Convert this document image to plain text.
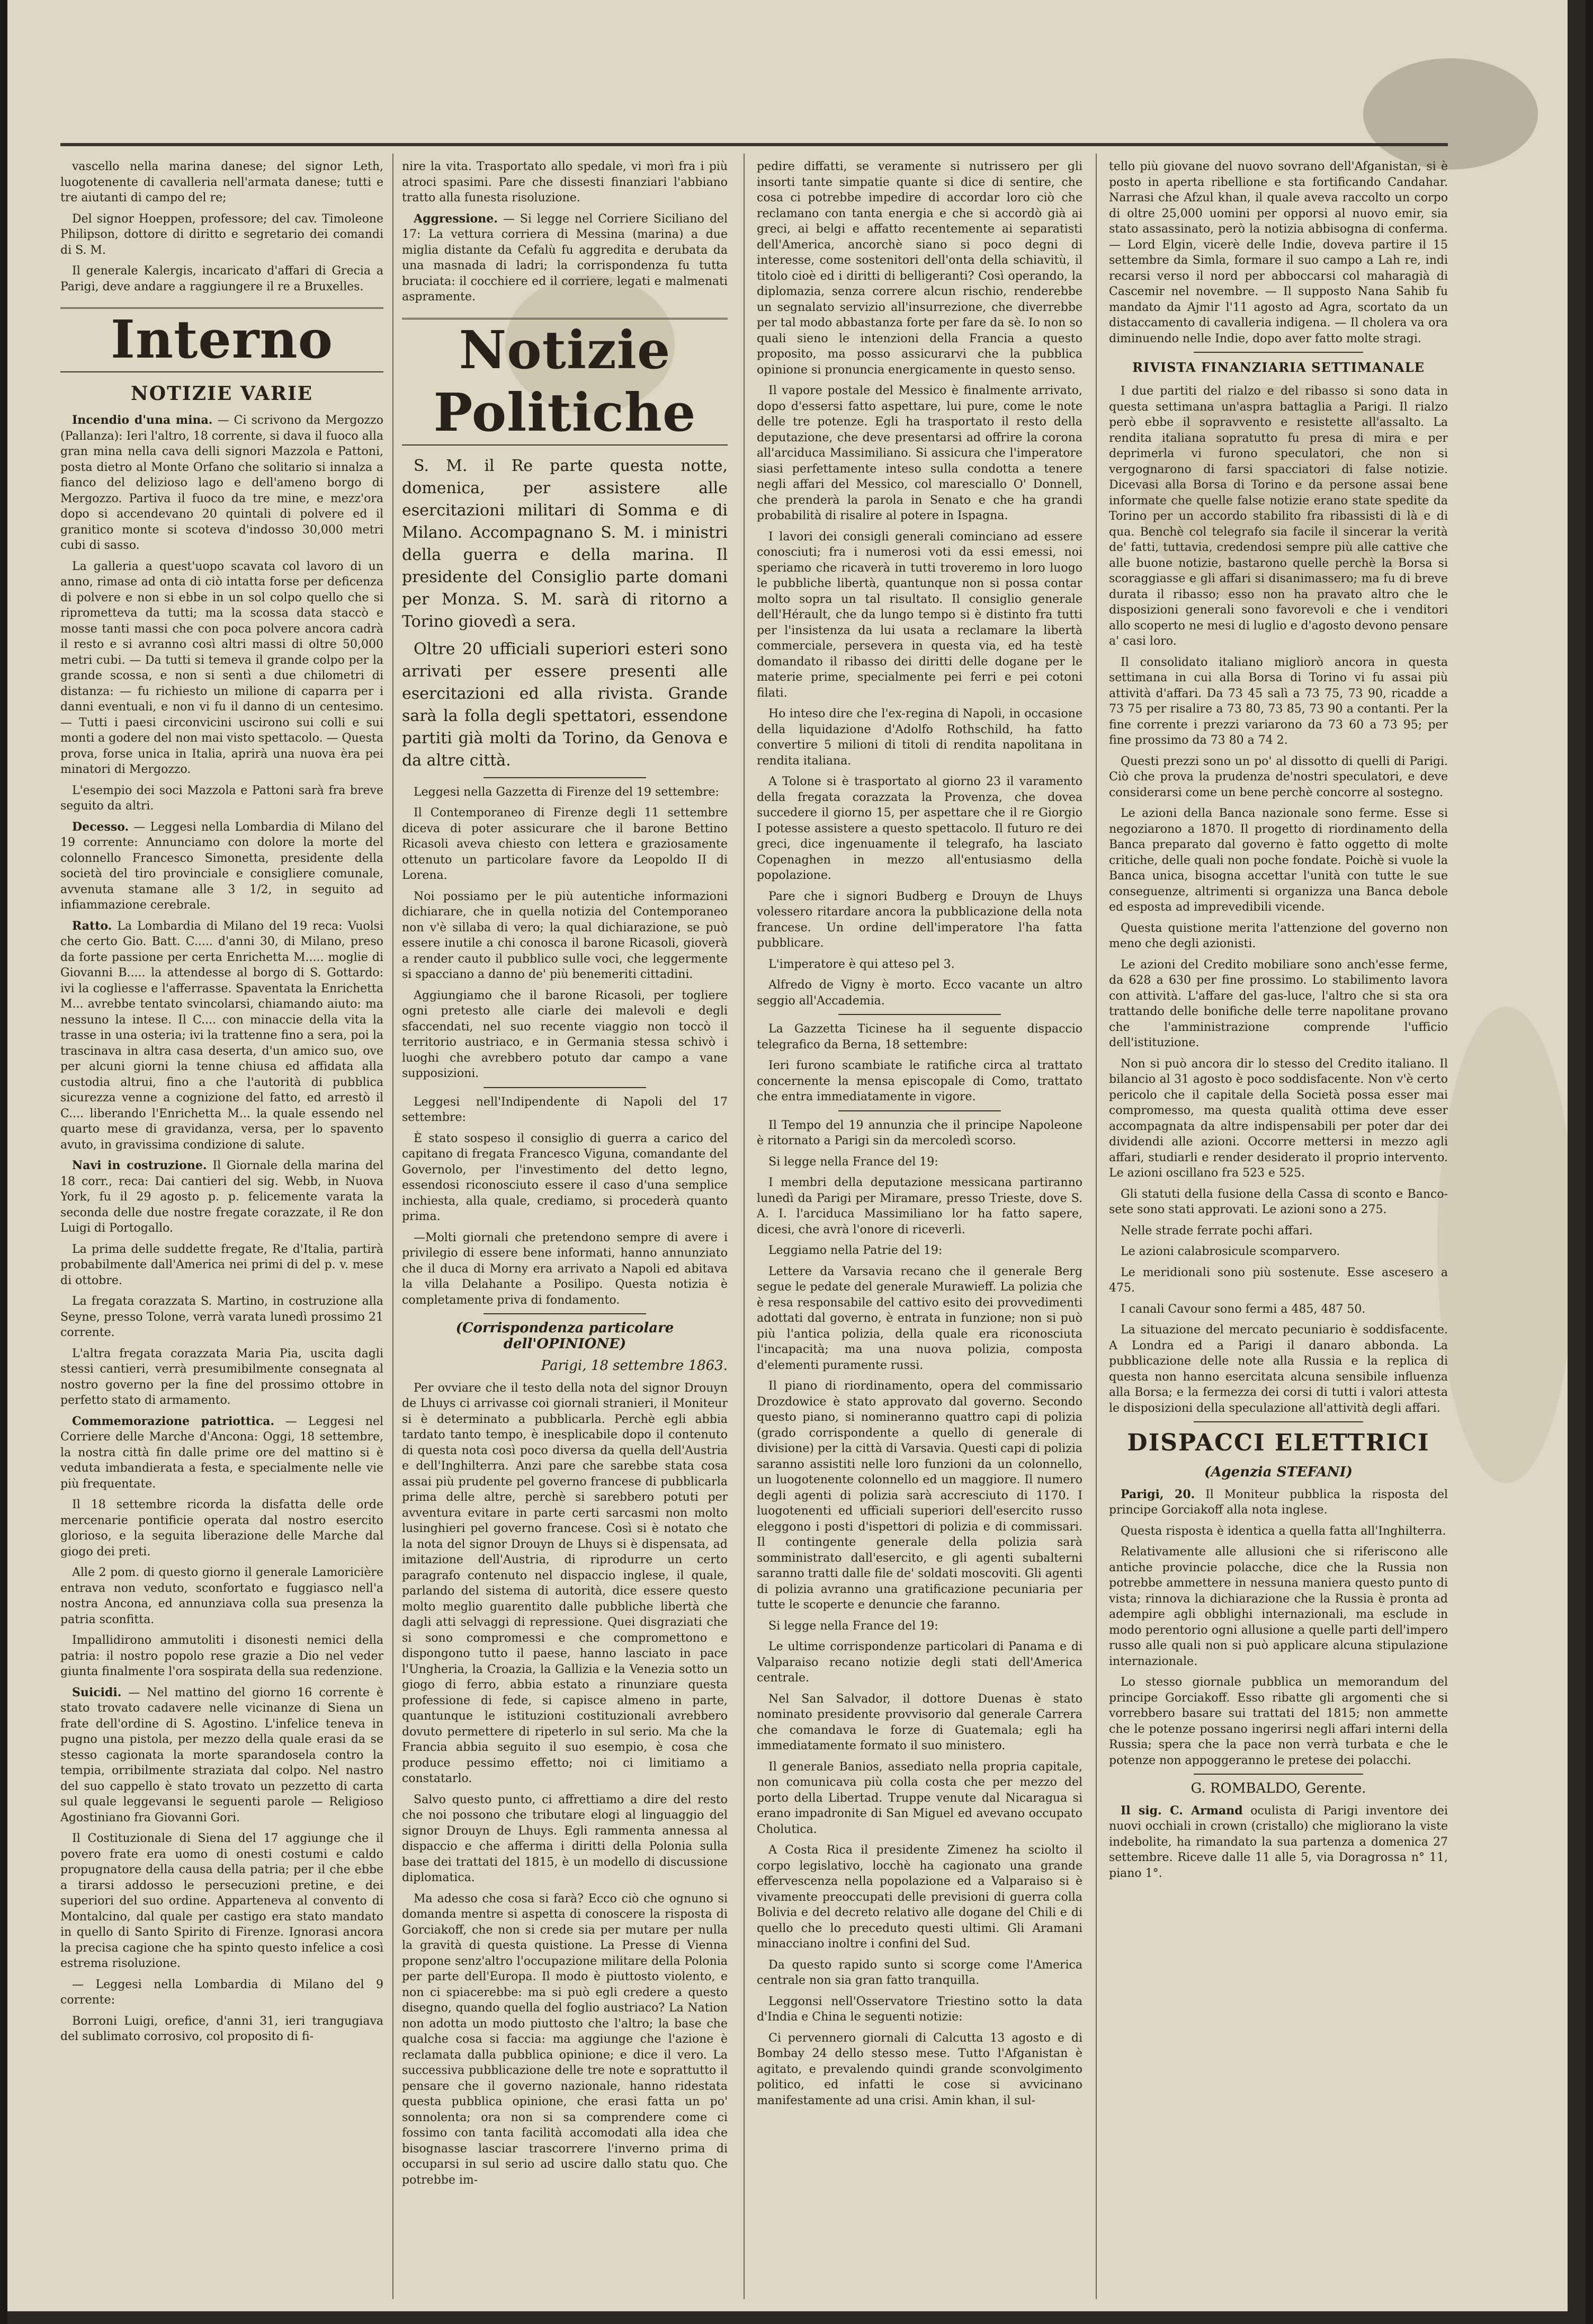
vascello nella marina danese; del signor Leth, luogotenente di cavalleria nell'armata danese; tutti e tre aiutanti di campo del re;

Del signor Hoeppen, professore; del cav. Timoleone Philipson, dottore di diritto e segretario dei comandi di S. M.

Il generale Kalergis, incaricato d'affari di Grecia a Parigi, deve andare a raggiungere il re a Bruxelles.

Interno
NOTIZIE VARIE

Incendio d'una mina. — Ci scrivono da Mergozzo (Pallanza): Ieri l'altro, 18 corrente, si dava il fuoco alla gran mina nella cava delli signori Mazzola e Pattoni, posta dietro al Monte Orfano che solitario si innalza a fianco del delizioso lago e dell'ameno borgo di Mergozzo. Partiva il fuoco da tre mine, e mezz'ora dopo si accendevano 20 quintali di polvere ed il granitico monte si scoteva d'indosso 30,000 metri cubi di sasso.

La galleria a quest'uopo scavata col lavoro di un anno, rimase ad onta di ciò intatta forse per deficenza di polvere e non si ebbe in un sol colpo quello che si riprometteva da tutti; ma la scossa data staccò e mosse tanti massi che con poca polvere ancora cadrà il resto e si avranno così altri massi di oltre 50,000 metri cubi. — Da tutti si temeva il grande colpo per la grande scossa, e non si sentì a due chilometri di distanza: — fu richiesto un milione di caparra per i danni eventuali, e non vi fu il danno di un centesimo. — Tutti i paesi circonvicini uscirono sui colli e sui monti a godere del non mai visto spettacolo. — Questa prova, forse unica in Italia, aprirà una nuova èra pei minatori di Mergozzo.

L'esempio dei soci Mazzola e Pattoni sarà fra breve seguito da altri.

Decesso. — Leggesi nella Lombardia di Milano del 19 corrente: Annunciamo con dolore la morte del colonnello Francesco Simonetta, presidente della società del tiro provinciale e consigliere comunale, avvenuta stamane alle 3 1/2, in seguito ad infiammazione cerebrale.

Ratto. La Lombardia di Milano del 19 reca: Vuolsi che certo Gio. Batt. C..... d'anni 30, di Milano, preso da forte passione per certa Enrichetta M..... moglie di Giovanni B..... la attendesse al borgo di S. Gottardo: ivi la cogliesse e l'afferrasse. Spaventata la Enrichetta M... avrebbe tentato svincolarsi, chiamando aiuto: ma nessuno la intese. Il C.... con minaccie della vita la trasse in una osteria; ivi la trattenne fino a sera, poi la trascinava in altra casa deserta, d'un amico suo, ove per alcuni giorni la tenne chiusa ed affidata alla custodia altrui, fino a che l'autorità di pubblica sicurezza venne a cognizione del fatto, ed arrestò il C.... liberando l'Enrichetta M... la quale essendo nel quarto mese di gravidanza, versa, per lo spavento avuto, in gravissima condizione di salute.

Navi in costruzione. Il Giornale della marina del 18 corr., reca: Dai cantieri del sig. Webb, in Nuova York, fu il 29 agosto p. p. felicemente varata la seconda delle due nostre fregate corazzate, il Re don Luigi di Portogallo.

La prima delle suddette fregate, Re d'Italia, partirà probabilmente dall'America nei primi di del p. v. mese di ottobre.

La fregata corazzata S. Martino, in costruzione alla Seyne, presso Tolone, verrà varata lunedì prossimo 21 corrente.

L'altra fregata corazzata Maria Pia, uscita dagli stessi cantieri, verrà presumibilmente consegnata al nostro governo per la fine del prossimo ottobre in perfetto stato di armamento.

Commemorazione patriottica. — Leggesi nel Corriere delle Marche d'Ancona: Oggi, 18 settembre, la nostra città fin dalle prime ore del mattino si è veduta imbandierata a festa, e specialmente nelle vie più frequentate.

Il 18 settembre ricorda la disfatta delle orde mercenarie pontificie operata dal nostro esercito glorioso, e la seguita liberazione delle Marche dal giogo dei preti.

Alle 2 pom. di questo giorno il generale Lamoricière entrava non veduto, sconfortato e fuggiasco nell'a nostra Ancona, ed annunziava colla sua presenza la patria sconfitta.

Impallidirono ammutoliti i disonesti nemici della patria: il nostro popolo rese grazie a Dio nel veder giunta finalmente l'ora sospirata della sua redenzione.

Suicidi. — Nel mattino del giorno 16 corrente è stato trovato cadavere nelle vicinanze di Siena un frate dell'ordine di S. Agostino. L'infelice teneva in pugno una pistola, per mezzo della quale erasi da se stesso cagionata la morte sparandosela contro la tempia, orribilmente straziata dal colpo. Nel nastro del suo cappello è stato trovato un pezzetto di carta sul quale leggevansi le seguenti parole — Religioso Agostiniano fra Giovanni Gori.

Il Costituzionale di Siena del 17 aggiunge che il povero frate era uomo di onesti costumi e caldo propugnatore della causa della patria; per il che ebbe a tirarsi addosso le persecuzioni pretine, e dei superiori del suo ordine. Apparteneva al convento di Montalcino, dal quale per castigo era stato mandato in quello di Santo Spirito di Firenze. Ignorasi ancora la precisa cagione che ha spinto questo infelice a così estrema risoluzione.

— Leggesi nella Lombardia di Milano del 9 corrente:

Borroni Luigi, orefice, d'anni 31, ieri trangugiava del sublimato corrosivo, col proposito di fi-

nire la vita. Trasportato allo spedale, vi morì fra i più atroci spasimi. Pare che dissesti finanziari l'abbiano tratto alla funesta risoluzione.

Aggressione. — Si legge nel Corriere Siciliano del 17: La vettura corriera di Messina (marina) a due miglia distante da Cefalù fu aggredita e derubata da una masnada di ladri; la corrispondenza fu tutta bruciata: il cocchiere ed il corriere, legati e malmenati aspramente.

Notizie Politiche

S. M. il Re parte questa notte, domenica, per assistere alle esercitazioni militari di Somma e di Milano. Accompagnano S. M. i ministri della guerra e della marina. Il presidente del Consiglio parte domani per Monza. S. M. sarà di ritorno a Torino giovedì a sera.

Oltre 20 ufficiali superiori esteri sono arrivati per essere presenti alle esercitazioni ed alla rivista. Grande sarà la folla degli spettatori, essendone partiti già molti da Torino, da Genova e da altre città.

Leggesi nella Gazzetta di Firenze del 19 settembre:

Il Contemporaneo di Firenze degli 11 settembre diceva di poter assicurare che il barone Bettino Ricasoli aveva chiesto con lettera e graziosamente ottenuto un particolare favore da Leopoldo II di Lorena.

Noi possiamo per le più autentiche informazioni dichiarare, che in quella notizia del Contemporaneo non v'è sillaba di vero; la qual dichiarazione, se può essere inutile a chi conosca il barone Ricasoli, gioverà a render cauto il pubblico sulle voci, che leggermente si spacciano a danno de' più benemeriti cittadini.

Aggiungiamo che il barone Ricasoli, per togliere ogni pretesto alle ciarle dei malevoli e degli sfaccendati, nel suo recente viaggio non toccò il territorio austriaco, e in Germania stessa schivò i luoghi che avrebbero potuto dar campo a vane supposizioni.

Leggesi nell'Indipendente di Napoli del 17 settembre:

È stato sospeso il consiglio di guerra a carico del capitano di fregata Francesco Viguna, comandante del Governolo, per l'investimento del detto legno, essendosi riconosciuto essere il caso d'una semplice inchiesta, alla quale, crediamo, si procederà quanto prima.

—Molti giornali che pretendono sempre di avere i privilegio di essere bene informati, hanno annunziato che il duca di Morny era arrivato a Napoli ed abitava la villa Delahante a Posilipo. Questa notizia è completamente priva di fondamento.

(Corrispondenza particolare dell'OPINIONE)
Parigi, 18 settembre 1863.

Per ovviare che il testo della nota del signor Drouyn de Lhuys ci arrivasse coi giornali stranieri, il Moniteur si è determinato a pubblicarla. Perchè egli abbia tardato tanto tempo, è inesplicabile dopo il contenuto di questa nota così poco diversa da quella dell'Austria e dell'Inghilterra. Anzi pare che sarebbe stata cosa assai più prudente pel governo francese di pubblicarla prima delle altre, perchè si sarebbero potuti per avventura evitare in parte certi sarcasmi non molto lusinghieri pel governo francese. Così si è notato che la nota del signor Drouyn de Lhuys si è dispensata, ad imitazione dell'Austria, di riprodurre un certo paragrafo contenuto nel dispaccio inglese, il quale, parlando del sistema di autorità, dice essere questo molto meglio guarentito dalle pubbliche libertà che dagli atti selvaggi di repressione. Quei disgraziati che si sono compromessi e che compromettono e dispongono tutto il paese, hanno lasciato in pace l'Ungheria, la Croazia, la Gallizia e la Venezia sotto un giogo di ferro, abbia estato a rinunziare questa professione di fede, si capisce almeno in parte, quantunque le istituzioni costituzionali avrebbero dovuto permettere di ripeterlo in sul serio. Ma che la Francia abbia seguito il suo esempio, è cosa che produce pessimo effetto; noi ci limitiamo a constatarlo.

Salvo questo punto, ci affrettiamo a dire del resto che noi possono che tributare elogi al linguaggio del signor Drouyn de Lhuys. Egli rammenta annessa al dispaccio e che afferma i diritti della Polonia sulla base dei trattati del 1815, è un modello di discussione diplomatica.

Ma adesso che cosa si farà? Ecco ciò che ognuno si domanda mentre si aspetta di conoscere la risposta di Gorciakoff, che non si crede sia per mutare per nulla la gravità di questa quistione. La Presse di Vienna propone senz'altro l'occupazione militare della Polonia per parte dell'Europa. Il modo è piuttosto violento, e non ci spiacerebbe: ma si può egli credere a questo disegno, quando quella del foglio austriaco? La Nation non adotta un modo piuttosto che l'altro; la base che qualche cosa si faccia: ma aggiunge che l'azione è reclamata dalla pubblica opinione; e dice il vero. La successiva pubblicazione delle tre note e soprattutto il pensare che il governo nazionale, hanno ridestata questa pubblica opinione, che erasi fatta un po' sonnolenta; ora non si sa comprendere come ci fossimo con tanta facilità accomodati alla idea che bisognasse lasciar trascorrere l'inverno prima di occuparsi in sul serio ad uscire dallo statu quo. Che potrebbe im-

pedire diffatti, se veramente si nutrissero per gli insorti tante simpatie quante si dice di sentire, che cosa ci potrebbe impedire di accordar loro ciò che reclamano con tanta energia e che si accordò già ai greci, ai belgi e affatto recentemente ai separatisti dell'America, ancorchè siano si poco degni di interesse, come sostenitori dell'onta della schiavitù, il titolo cioè ed i diritti di belligeranti? Così operando, la diplomazia, senza correre alcun rischio, renderebbe un segnalato servizio all'insurrezione, che diverrebbe per tal modo abbastanza forte per fare da sè. Io non so quali sieno le intenzioni della Francia a questo proposito, ma posso assicurarvi che la pubblica opinione si pronuncia energicamente in questo senso.

Il vapore postale del Messico è finalmente arrivato, dopo d'essersi fatto aspettare, lui pure, come le note delle tre potenze. Egli ha trasportato il resto della deputazione, che deve presentarsi ad offrire la corona all'arciduca Massimiliano. Si assicura che l'imperatore siasi perfettamente inteso sulla condotta a tenere negli affari del Messico, col maresciallo O' Donnell, che prenderà la parola in Senato e che ha grandi probabilità di risalire al potere in Ispagna.

I lavori dei consigli generali cominciano ad essere conosciuti; fra i numerosi voti da essi emessi, noi speriamo che ricaverà in tutti troveremo in loro luogo le pubbliche libertà, quantunque non si possa contar molto sopra un tal risultato. Il consiglio generale dell'Hérault, che da lungo tempo si è distinto fra tutti per l'insistenza da lui usata a reclamare la libertà commerciale, persevera in questa via, ed ha testè domandato il ribasso dei diritti delle dogane per le materie prime, specialmente pei ferri e pei cotoni filati.

Ho inteso dire che l'ex-regina di Napoli, in occasione della liquidazione d'Adolfo Rothschild, ha fatto convertire 5 milioni di titoli di rendita napolitana in rendita italiana.

A Tolone si è trasportato al giorno 23 il varamento della fregata corazzata la Provenza, che dovea succedere il giorno 15, per aspettare che il re Giorgio I potesse assistere a questo spettacolo. Il futuro re dei greci, dice ingenuamente il telegrafo, ha lasciato Copenaghen in mezzo all'entusiasmo della popolazione.

Pare che i signori Budberg e Drouyn de Lhuys volessero ritardare ancora la pubblicazione della nota francese. Un ordine dell'imperatore l'ha fatta pubblicare.

L'imperatore è qui atteso pel 3.

Alfredo de Vigny è morto. Ecco vacante un altro seggio all'Accademia.

La Gazzetta Ticinese ha il seguente dispaccio telegrafico da Berna, 18 settembre:

Ieri furono scambiate le ratifiche circa al trattato concernente la mensa episcopale di Como, trattato che entra immediatamente in vigore.

Il Tempo del 19 annunzia che il principe Napoleone è ritornato a Parigi sin da mercoledì scorso.

Si legge nella France del 19:

I membri della deputazione messicana partiranno lunedì da Parigi per Miramare, presso Trieste, dove S. A. I. l'arciduca Massimiliano lor ha fatto sapere, dicesi, che avrà l'onore di riceverli.

Leggiamo nella Patrie del 19:

Lettere da Varsavia recano che il generale Berg segue le pedate del generale Murawieff. La polizia che è resa responsabile del cattivo esito dei provvedimenti adottati dal governo, è entrata in funzione; non si può più l'antica polizia, della quale era riconosciuta l'incapacità; ma una nuova polizia, composta d'elementi puramente russi.

Il piano di riordinamento, opera del commissario Drozdowice è stato approvato dal governo. Secondo questo piano, si nomineranno quattro capi di polizia (grado corrispondente a quello di generale di divisione) per la città di Varsavia. Questi capi di polizia saranno assistiti nelle loro funzioni da un colonnello, un luogotenente colonnello ed un maggiore. Il numero degli agenti di polizia sarà accresciuto di 1170. I luogotenenti ed ufficiali superiori dell'esercito russo eleggono i posti d'ispettori di polizia e di commissari. Il contingente generale della polizia sarà somministrato dall'esercito, e gli agenti subalterni saranno tratti dalle file de' soldati moscoviti. Gli agenti di polizia avranno una gratificazione pecuniaria per tutte le scoperte e denuncie che faranno.

Si legge nella France del 19:

Le ultime corrispondenze particolari di Panama e di Valparaiso recano notizie degli stati dell'America centrale.

Nel San Salvador, il dottore Duenas è stato nominato presidente provvisorio dal generale Carrera che comandava le forze di Guatemala; egli ha immediatamente formato il suo ministero.

Il generale Banios, assediato nella propria capitale, non comunicava più colla costa che per mezzo del porto della Libertad. Truppe venute dal Nicaragua si erano impadronite di San Miguel ed avevano occupato Cholutica.

A Costa Rica il presidente Zimenez ha sciolto il corpo legislativo, locchè ha cagionato una grande effervescenza nella popolazione ed a Valparaiso si è vivamente preoccupati delle previsioni di guerra colla Bolivia e del decreto relativo alle dogane del Chili e di quello che lo preceduto questi ultimi. Gli Aramani minacciano inoltre i confini del Sud.

Da questo rapido sunto si scorge come l'America centrale non sia gran fatto tranquilla.

Leggonsi nell'Osservatore Triestino sotto la data d'India e China le seguenti notizie:

Ci pervennero giornali di Calcutta 13 agosto e di Bombay 24 dello stesso mese. Tutto l'Afganistan è agitato, e prevalendo quindi grande sconvolgimento politico, ed infatti le cose si avvicinano manifestamente ad una crisi. Amin khan, il sul-

tello più giovane del nuovo sovrano dell'Afganistan, si è posto in aperta ribellione e sta fortificando Candahar. Narrasi che Afzul khan, il quale aveva raccolto un corpo di oltre 25,000 uomini per opporsi al nuovo emir, sia stato assassinato, però la notizia abbisogna di conferma. — Lord Elgin, vicerè delle Indie, doveva partire il 15 settembre da Simla, formare il suo campo a Lah re, indi recarsi verso il nord per abboccarsi col maharagià di Cascemir nel novembre. — Il supposto Nana Sahib fu mandato da Ajmir l'11 agosto ad Agra, scortato da un distaccamento di cavalleria indigena. — Il cholera va ora diminuendo nelle Indie, dopo aver fatto molte stragi.

RIVISTA FINANZIARIA SETTIMANALE

I due partiti del rialzo e del ribasso si sono data in questa settimana un'aspra battaglia a Parigi. Il rialzo però ebbe il sopravvento e resistette all'assalto. La rendita italiana sopratutto fu presa di mira e per deprimerla vi furono speculatori, che non si vergognarono di farsi spacciatori di false notizie. Dicevasi alla Borsa di Torino e da persone assai bene informate che quelle false notizie erano state spedite da Torino per un accordo stabilito fra ribassisti di là e di qua. Benchè col telegrafo sia facile il sincerar la verità de' fatti, tuttavia, credendosi sempre più alle cattive che alle buone notizie, bastarono quelle perchè la Borsa si scoraggiasse e gli affari si disanimassero; ma fu di breve durata il ribasso; esso non ha pravato altro che le disposizioni generali sono favorevoli e che i venditori allo scoperto ne mesi di luglio e d'agosto devono pensare a' casi loro.

Il consolidato italiano migliorò ancora in questa settimana in cui alla Borsa di Torino vi fu assai più attività d'affari. Da 73 45 salì a 73 75, 73 90, ricadde a 73 75 per risalire a 73 80, 73 85, 73 90 a contanti. Per la fine corrente i prezzi variarono da 73 60 a 73 95; per fine prossimo da 73 80 a 74 2.

Questi prezzi sono un po' al dissotto di quelli di Parigi. Ciò che prova la prudenza de'nostri speculatori, e deve considerarsi come un bene perchè concorre al sostegno.

Le azioni della Banca nazionale sono ferme. Esse si negoziarono a 1870. Il progetto di riordinamento della Banca preparato dal governo è fatto oggetto di molte critiche, delle quali non poche fondate. Poichè si vuole la Banca unica, bisogna accettar l'unità con tutte le sue conseguenze, altrimenti si organizza una Banca debole ed esposta ad imprevedibili vicende.

Questa quistione merita l'attenzione del governo non meno che degli azionisti.

Le azioni del Credito mobiliare sono anch'esse ferme, da 628 a 630 per fine prossimo. Lo stabilimento lavora con attività. L'affare del gas-luce, l'altro che si sta ora trattando delle bonifiche delle terre napolitane provano che l'amministrazione comprende l'ufficio dell'istituzione.

Non si può ancora dir lo stesso del Credito italiano. Il bilancio al 31 agosto è poco soddisfacente. Non v'è certo pericolo che il capitale della Società possa esser mai compromesso, ma questa qualità ottima deve esser accompagnata da altre indispensabili per poter dar dei dividendi alle azioni. Occorre mettersi in mezzo agli affari, studiarli e render desiderato il proprio intervento. Le azioni oscillano fra 523 e 525.

Gli statuti della fusione della Cassa di sconto e Banco-sete sono stati approvati. Le azioni sono a 275.

Nelle strade ferrate pochi affari.

Le azioni calabrosicule scomparvero.

Le meridionali sono più sostenute. Esse ascesero a 475.

I canali Cavour sono fermi a 485, 487 50.

La situazione del mercato pecuniario è soddisfacente. A Londra ed a Parigi il danaro abbonda. La pubblicazione delle note alla Russia e la replica di questa non hanno esercitata alcuna sensibile influenza alla Borsa; e la fermezza dei corsi di tutti i valori attesta le disposizioni della speculazione all'attività degli affari.

DISPACCI ELETTRICI
(Agenzia STEFANI)

Parigi, 20. Il Moniteur pubblica la risposta del principe Gorciakoff alla nota inglese.

Questa risposta è identica a quella fatta all'Inghilterra.

Relativamente alle allusioni che si riferiscono alle antiche provincie polacche, dice che la Russia non potrebbe ammettere in nessuna maniera questo punto di vista; rinnova la dichiarazione che la Russia è pronta ad adempire agli obblighi internazionali, ma esclude in modo perentorio ogni allusione a quelle parti dell'impero russo alle quali non si può applicare alcuna stipulazione internazionale.

Lo stesso giornale pubblica un memorandum del principe Gorciakoff. Esso ribatte gli argomenti che si vorrebbero basare sui trattati del 1815; non ammette che le potenze possano ingerirsi negli affari interni della Russia; spera che la pace non verrà turbata e che le potenze non appoggeranno le pretese dei polacchi.

G. ROMBALDO, Gerente.

Il sig. C. Armand oculista di Parigi inventore dei nuovi occhiali in crown (cristallo) che migliorano la viste indebolite, ha rimandato la sua partenza a domenica 27 settembre. Riceve dalle 11 alle 5, via Doragrossa n° 11, piano 1°.
